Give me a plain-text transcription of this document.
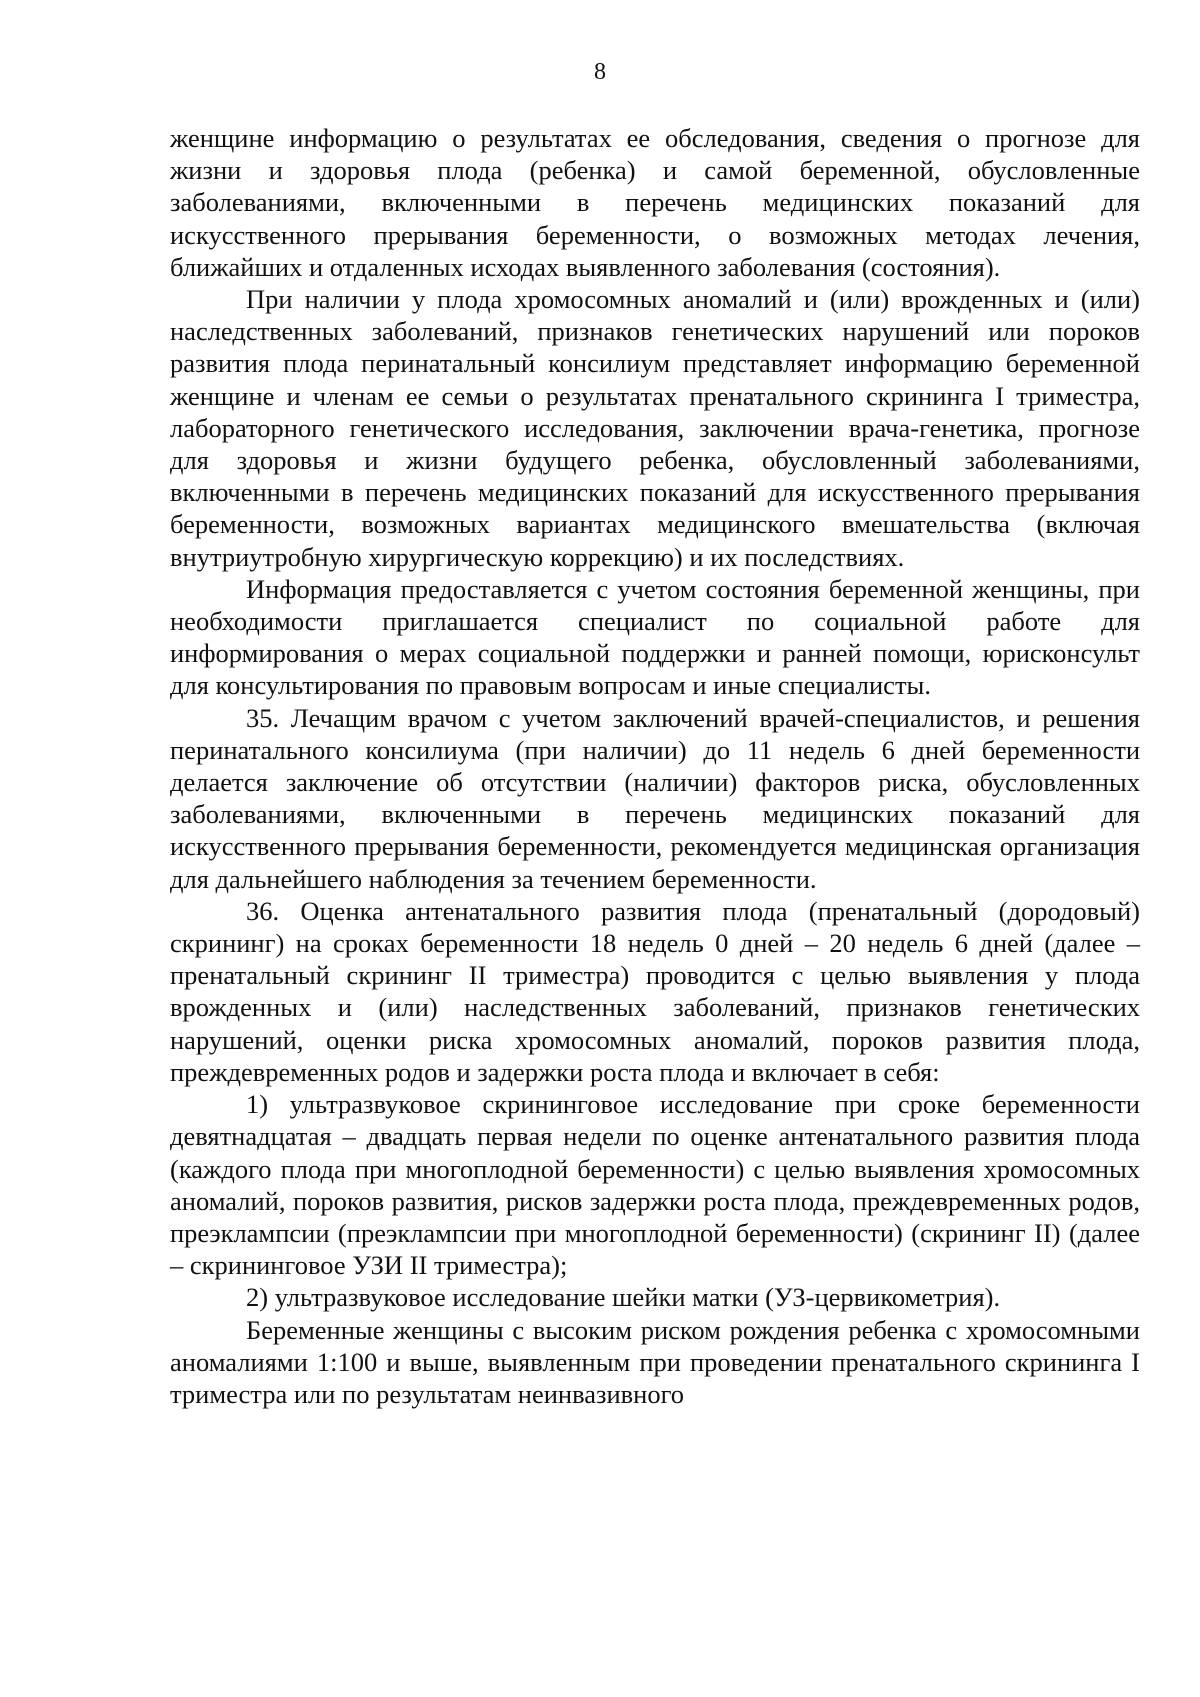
8

женщине информацию о результатах ее обследования, сведения о прогнозе для жизни и здоровья плода (ребенка) и самой беременной, обусловленные заболеваниями, включенными в перечень медицинских показаний для искусственного прерывания беременности, о возможных методах лечения, ближайших и отдаленных исходах выявленного заболевания (состояния).

При наличии у плода хромосомных аномалий и (или) врожденных и (или) наследственных заболеваний, признаков генетических нарушений или пороков развития плода перинатальный консилиум представляет информацию беременной женщине и членам ее семьи о результатах пренатального скрининга I триместра, лабораторного генетического исследования, заключении врача-генетика, прогнозе для здоровья и жизни будущего ребенка, обусловленный заболеваниями, включенными в перечень медицинских показаний для искусственного прерывания беременности, возможных вариантах медицинского вмешательства (включая внутриутробную хирургическую коррекцию) и их последствиях.

Информация предоставляется с учетом состояния беременной женщины, при необходимости приглашается специалист по социальной работе для информирования о мерах социальной поддержки и ранней помощи, юрисконсульт для консультирования по правовым вопросам и иные специалисты.

35. Лечащим врачом с учетом заключений врачей-специалистов, и решения перинатального консилиума (при наличии) до 11 недель 6 дней беременности делается заключение об отсутствии (наличии) факторов риска, обусловленных заболеваниями, включенными в перечень медицинских показаний для искусственного прерывания беременности, рекомендуется медицинская организация для дальнейшего наблюдения за течением беременности.

36. Оценка антенатального развития плода (пренатальный (дородовый) скрининг) на сроках беременности 18 недель 0 дней – 20 недель 6 дней (далее – пренатальный скрининг II триместра) проводится с целью выявления у плода врожденных и (или) наследственных заболеваний, признаков генетических нарушений, оценки риска хромосомных аномалий, пороков развития плода, преждевременных родов и задержки роста плода и включает в себя:

1) ультразвуковое скрининговое исследование при сроке беременности девятнадцатая – двадцать первая недели по оценке антенатального развития плода (каждого плода при многоплодной беременности) с целью выявления хромосомных аномалий, пороков развития, рисков задержки роста плода, преждевременных родов, преэклампсии (преэклампсии при многоплодной беременности) (скрининг II) (далее – скрининговое УЗИ II триместра);

2) ультразвуковое исследование шейки матки (УЗ-цервикометрия).

Беременные женщины с высоким риском рождения ребенка с хромосомными аномалиями 1:100 и выше, выявленным при проведении пренатального скрининга I триместра или по результатам неинвазивного
